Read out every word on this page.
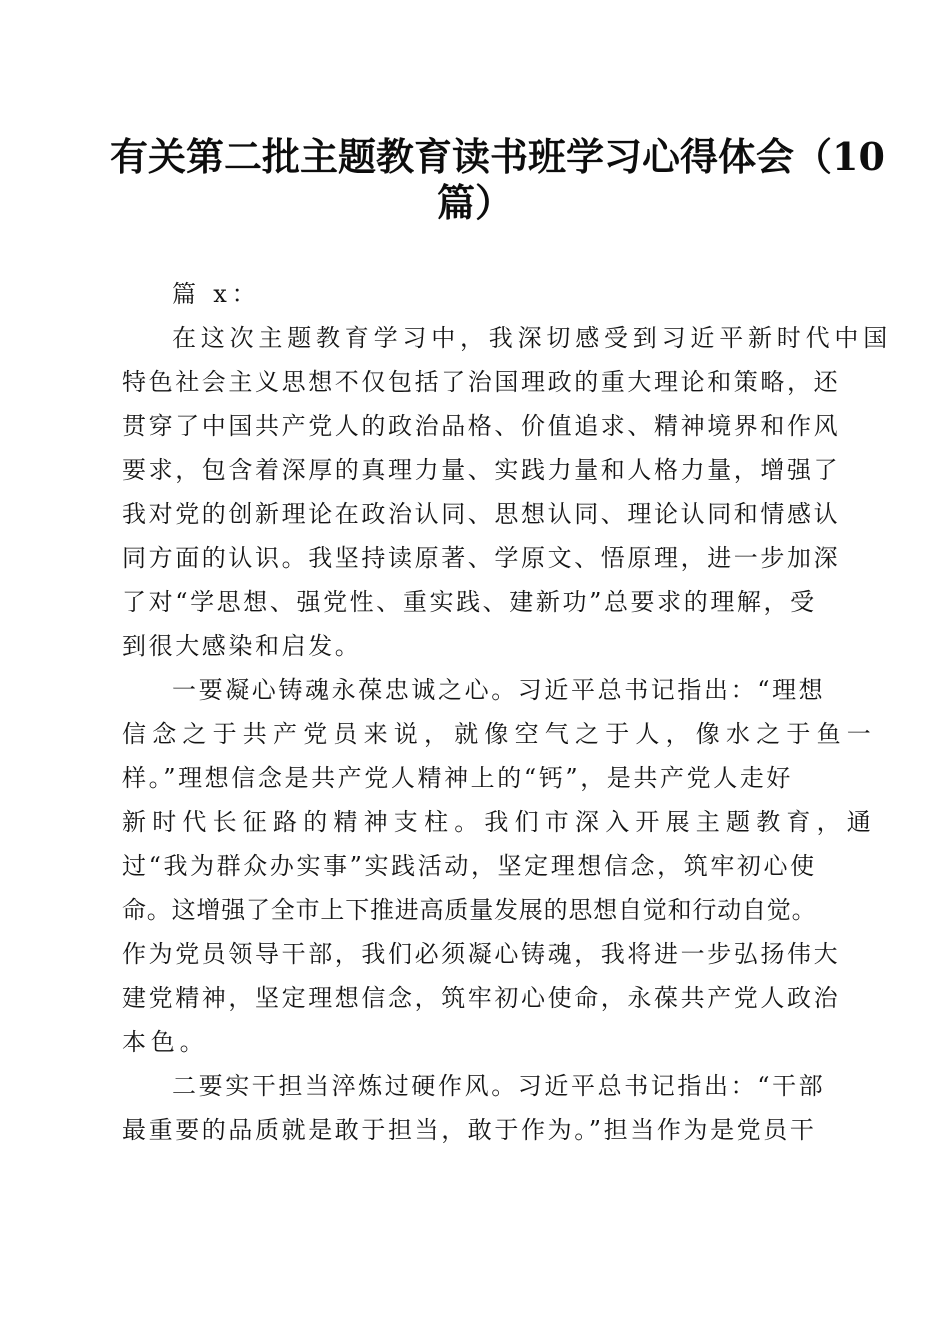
有关第二批主题教育读书班学习心得体会（10
篇）
篇 x：
在这次主题教育学习中，我深切感受到习近平新时代中国
特色社会主义思想不仅包括了治国理政的重大理论和策略，还
贯穿了中国共产党人的政治品格、价值追求、精神境界和作风
要求，包含着深厚的真理力量、实践力量和人格力量，增强了
我对党的创新理论在政治认同、思想认同、理论认同和情感认
同方面的认识。我坚持读原著、学原文、悟原理，进一步加深
了对“学思想、强党性、重实践、建新功”总要求的理解，受
到很大感染和启发。
一要凝心铸魂永葆忠诚之心。习近平总书记指出：“理想
信念之于共产党员来说，就像空气之于人，像水之于鱼一
样。”理想信念是共产党人精神上的“钙”，是共产党人走好
新时代长征路的精神支柱。我们市深入开展主题教育，通
过“我为群众办实事”实践活动，坚定理想信念，筑牢初心使
命。这增强了全市上下推进高质量发展的思想自觉和行动自觉。
作为党员领导干部，我们必须凝心铸魂，我将进一步弘扬伟大
建党精神，坚定理想信念，筑牢初心使命，永葆共产党人政治
本色。
二要实干担当淬炼过硬作风。习近平总书记指出：“干部
最重要的品质就是敢于担当，敢于作为。”担当作为是党员干
